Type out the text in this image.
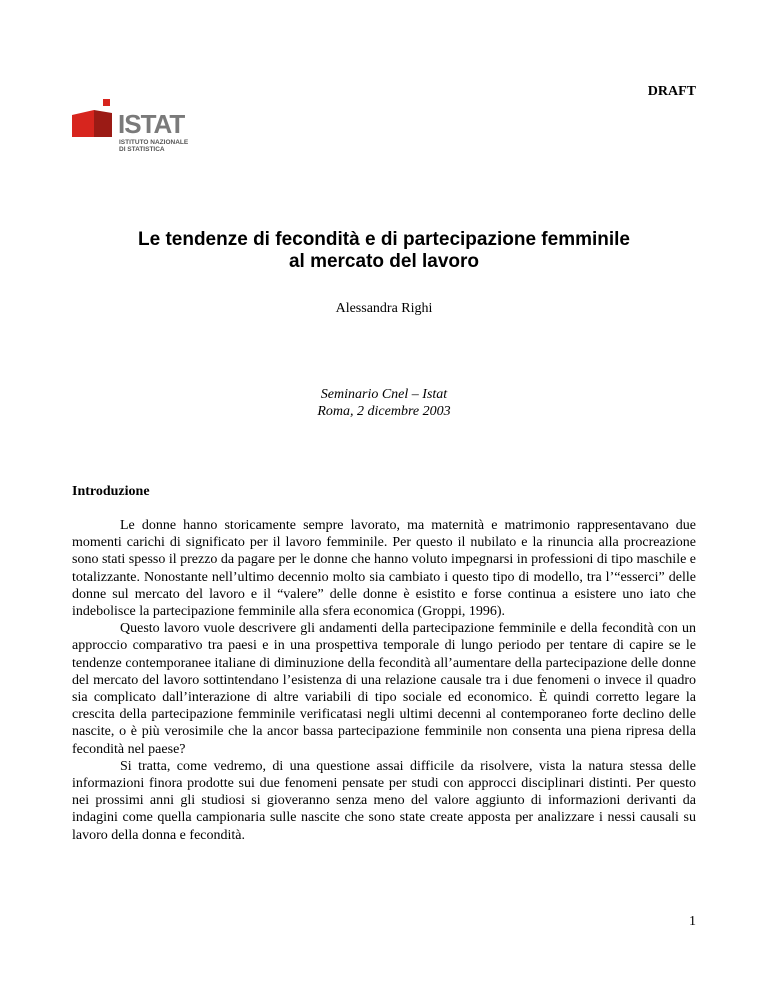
DRAFT
ISTAT
ISTITUTO NAZIONALE
DI STATISTICA
Le tendenze di fecondità e di partecipazione femminile
al mercato del lavoro
Alessandra Righi
Seminario Cnel – Istat
Roma, 2 dicembre 2003
Introduzione

Le donne hanno storicamente sempre lavorato, ma maternità e matrimonio rappresentavano due momenti carichi di significato per il lavoro femminile. Per questo il nubilato e la rinuncia alla procreazione sono stati spesso il prezzo da pagare per le donne che hanno voluto impegnarsi in professioni di tipo maschile e totalizzante. Nonostante nell’ultimo decennio molto sia cambiato i questo tipo di modello, tra l’“esserci” delle donne sul mercato del lavoro e il “valere” delle donne è esistito e forse continua a esistere uno iato che indebolisce la partecipazione femminile alla sfera economica (Groppi, 1996).

Questo lavoro vuole descrivere gli andamenti della partecipazione femminile e della fecondità con un approccio comparativo tra paesi e in una prospettiva temporale di lungo periodo per tentare di capire se le tendenze contemporanee italiane di diminuzione della fecondità all’aumentare della partecipazione delle donne del mercato del lavoro sottintendano l’esistenza di una relazione causale tra i due fenomeni o invece il quadro sia complicato dall’interazione di altre variabili di tipo sociale ed economico. È quindi corretto legare la crescita della partecipazione femminile verificatasi negli ultimi decenni al contemporaneo forte declino delle nascite, o è più verosimile che la ancor bassa partecipazione femminile non consenta una piena ripresa della fecondità nel paese?

Si tratta, come vedremo, di una questione assai difficile da risolvere, vista la natura stessa delle informazioni finora prodotte sui due fenomeni pensate per studi con approcci disciplinari distinti. Per questo nei prossimi anni gli studiosi si gioveranno senza meno del valore aggiunto di informazioni derivanti da indagini come quella campionaria sulle nascite che sono state create apposta per analizzare i nessi causali su lavoro della donna e fecondità.

1
